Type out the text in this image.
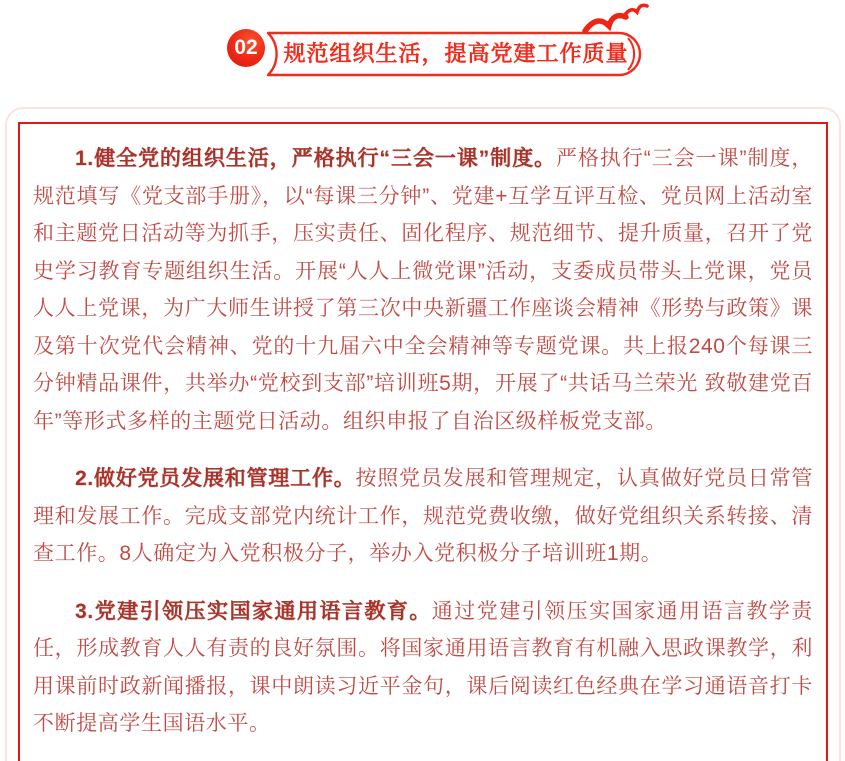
02 规范组织生活，提高党建工作质量

1.健全党的组织生活，严格执行“三会一课”制度。严格执行“三会一课”制度，规范填写《党支部手册》，以“每课三分钟”、党建+互学互评互检、党员网上活动室和主题党日活动等为抓手，压实责任、固化程序、规范细节、提升质量，召开了党史学习教育专题组织生活。开展“人人上微党课”活动，支委成员带头上党课，党员人人上党课，为广大师生讲授了第三次中央新疆工作座谈会精神《形势与政策》课及第十次党代会精神、党的十九届六中全会精神等专题党课。共上报240个每课三分钟精品课件，共举办“党校到支部”培训班5期，开展了“共话马兰荣光 致敬建党百年”等形式多样的主题党日活动。组织申报了自治区级样板党支部。

2.做好党员发展和管理工作。按照党员发展和管理规定，认真做好党员日常管理和发展工作。完成支部党内统计工作，规范党费收缴，做好党组织关系转接、清查工作。8人确定为入党积极分子，举办入党积极分子培训班1期。

3.党建引领压实国家通用语言教育。通过党建引领压实国家通用语言教学责任，形成教育人人有责的良好氛围。将国家通用语言教育有机融入思政课教学，利用课前时政新闻播报，课中朗读习近平金句，课后阅读红色经典在学习通语音打卡不断提高学生国语水平。
